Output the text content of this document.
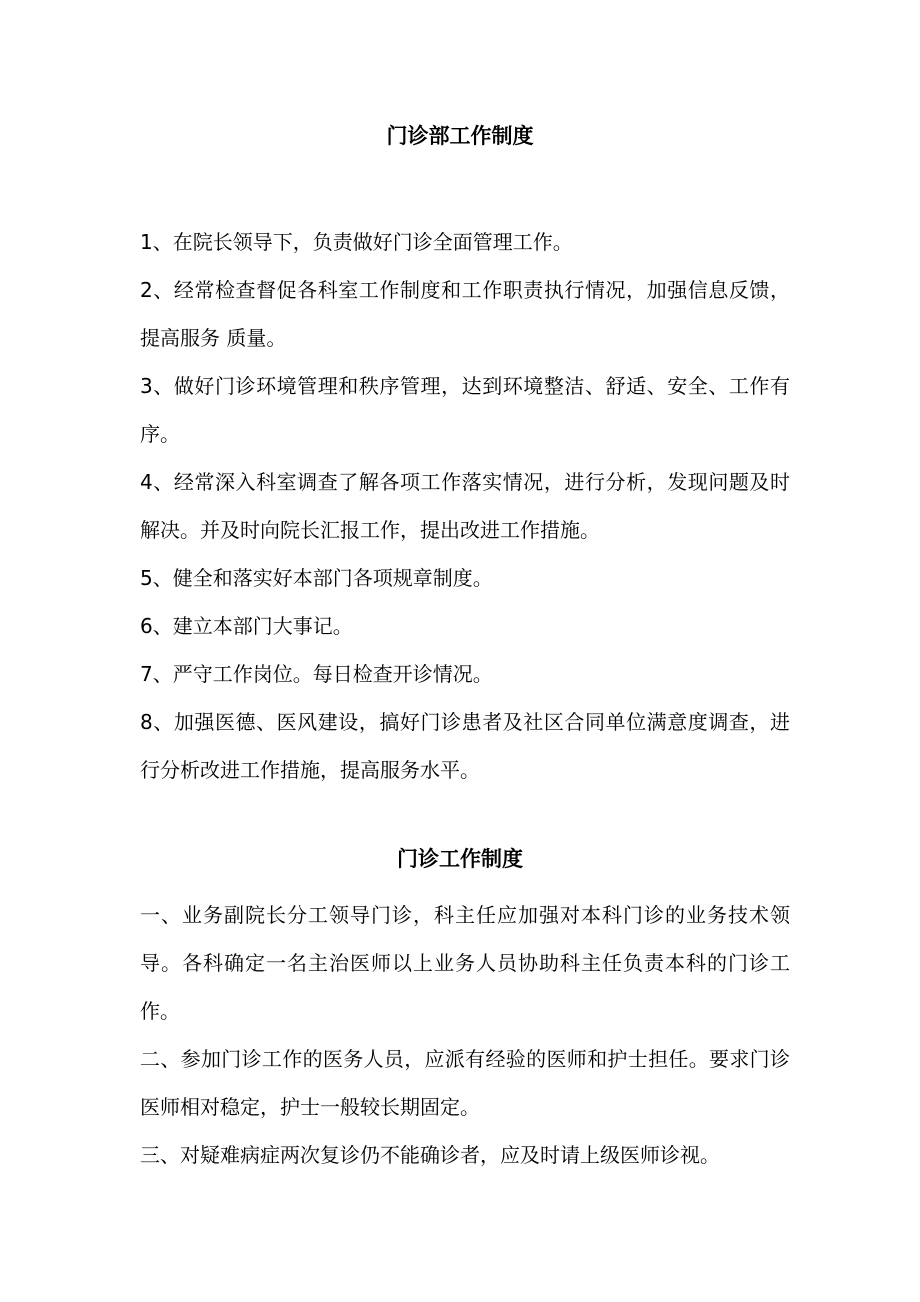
门诊部工作制度

1、在院长领导下，负责做好门诊全面管理工作。

2、经常检查督促各科室工作制度和工作职责执行情况，加强信息反馈，提高服务 质量。

3、做好门诊环境管理和秩序管理，达到环境整洁、舒适、安全、工作有序。

4、经常深入科室调查了解各项工作落实情况，进行分析，发现问题及时解决。并及时向院长汇报工作，提出改进工作措施。

5、健全和落实好本部门各项规章制度。

6、建立本部门大事记。

7、严守工作岗位。每日检查开诊情况。

8、加强医德、医风建设，搞好门诊患者及社区合同单位满意度调查，进行分析改进工作措施，提高服务水平。

门诊工作制度

一、业务副院长分工领导门诊，科主任应加强对本科门诊的业务技术领导。各科确定一名主治医师以上业务人员协助科主任负责本科的门诊工作。

二、参加门诊工作的医务人员，应派有经验的医师和护士担任。要求门诊医师相对稳定，护士一般较长期固定。

三、对疑难病症两次复诊仍不能确诊者，应及时请上级医师诊视。
